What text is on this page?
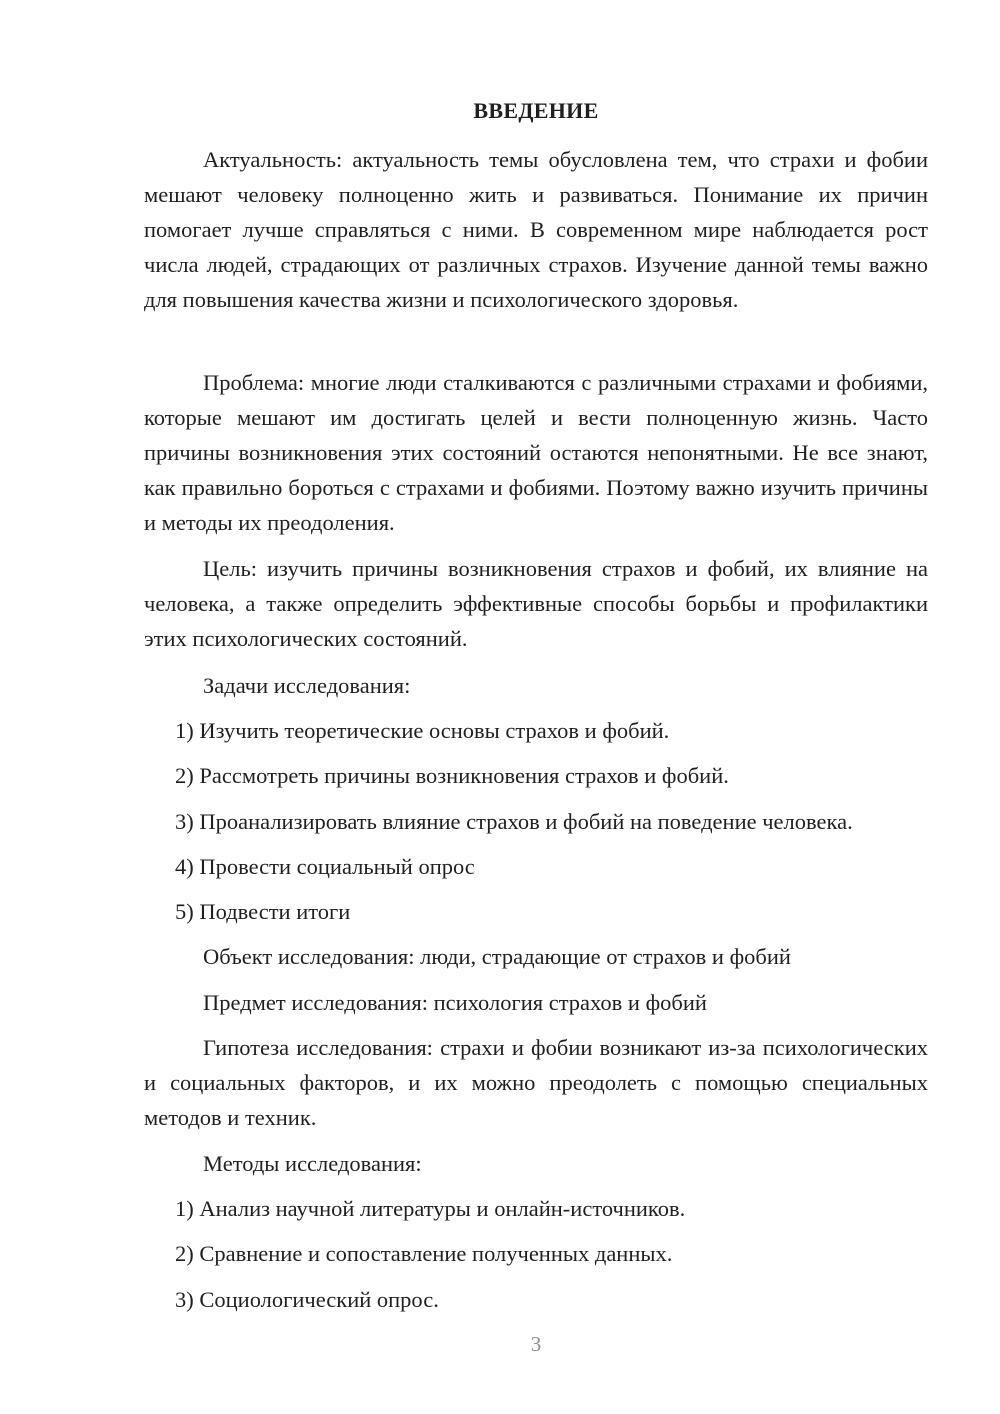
ВВЕДЕНИЕ

Актуальность: актуальность темы обусловлена тем, что страхи и фобии мешают человеку полноценно жить и развиваться. Понимание их причин помогает лучше справляться с ними. В современном мире наблюдается рост числа людей, страдающих от различных страхов. Изучение данной темы важно для повышения качества жизни и психологического здоровья.

Проблема: многие люди сталкиваются с различными страхами и фобиями, которые мешают им достигать целей и вести полноценную жизнь. Часто причины возникновения этих состояний остаются непонятными. Не все знают, как правильно бороться с страхами и фобиями. Поэтому важно изучить причины и методы их преодоления.

Цель: изучить причины возникновения страхов и фобий, их влияние на человека, а также определить эффективные способы борьбы и профилактики этих психологических состояний.

Задачи исследования:

1) Изучить теоретические основы страхов и фобий.

2) Рассмотреть причины возникновения страхов и фобий.

3) Проанализировать влияние страхов и фобий на поведение человека.

4) Провести социальный опрос

5) Подвести итоги

Объект исследования: люди, страдающие от страхов и фобий

Предмет исследования: психология страхов и фобий

Гипотеза исследования: страхи и фобии возникают из-за психологических и социальных факторов, и их можно преодолеть с помощью специальных методов и техник.

Методы исследования:

1) Анализ научной литературы и онлайн-источников.

2) Сравнение и сопоставление полученных данных.

3) Социологический опрос.

3
